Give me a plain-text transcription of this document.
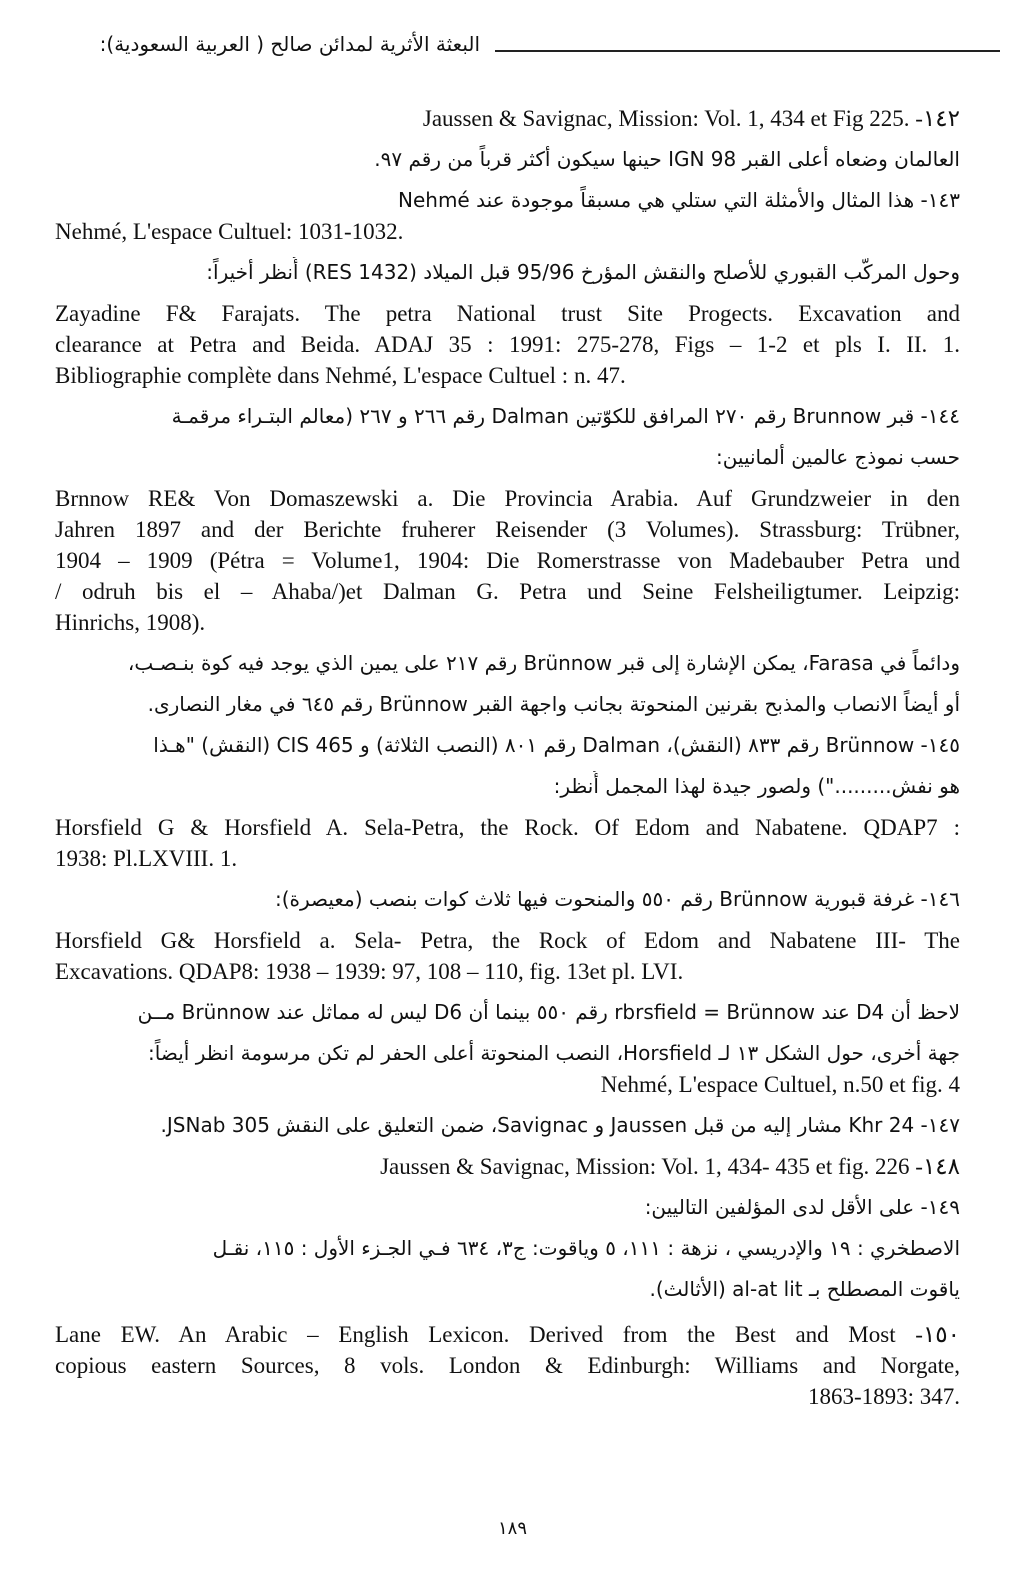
البعثة الأثرية لمدائن صالح ( العربية السعودية):

Jaussen & Savignac, Mission: Vol. 1, 434 et Fig 225. -١٤٢

العالمان وضعاه أعلى القبر IGN 98 حينها سيكون أكثر قرباً من رقم ٩٧.

١٤٣- هذا المثال والأمثلة التي ستلي هي مسبقاً موجودة عند Nehmé

Nehmé, L'espace Cultuel: 1031-1032.

وحول المركّب القبوري للأصلح والنقش المؤرخ 95/96 قبل الميلاد (RES 1432) أُنظر أخيراً:

Zayadine F& Farajats. The petra National trust Site Progects. Excavation and

clearance at Petra and Beida. ADAJ 35 : 1991: 275-278, Figs – 1-2 et pls I. II. 1.

Bibliographie complète dans Nehmé, L'espace Cultuel : n. 47.

١٤٤- قبر Brunnow رقم ٢٧٠ المرافق للكوّتين Dalman رقم ٢٦٦ و ٢٦٧ (معالم البتـراء مرقمـة

حسب نموذج عالمين ألمانيين:

Brnnow RE& Von Domaszewski a. Die Provincia Arabia. Auf Grundzweier in den

Jahren 1897 and der Berichte fruherer Reisender (3 Volumes). Strassburg: Trübner,

1904 – 1909 (Pétra = Volume1, 1904: Die Romerstrasse von Madebauber Petra und

/ odruh bis el – Ahaba/)et Dalman G. Petra und Seine Felsheiligtumer. Leipzig:

Hinrichs, 1908).

ودائماً في Farasa، يمكن الإشارة إلى قبر Brünnow رقم ٢١٧ على يمين الذي يوجد فيه كوة بنـصـب،

أو أيضاً الانصاب والمذبح بقرنين المنحوتة بجانب واجهة القبر Brünnow رقم ٦٤٥ في مغار النصارى.

١٤٥- Brünnow رقم ٨٣٣ (النقش)، Dalman رقم ٨٠١ (النصب الثلاثة) و CIS 465 (النقش) "هـذا

هو نفش.........") ولصور جيدة لهذا المجمل أُنظر:

Horsfield G & Horsfield A. Sela-Petra, the Rock. Of Edom and Nabatene. QDAP7 :

1938: Pl.LXVIII. 1.

١٤٦- غرفة قبورية Brünnow رقم ٥٥٠ والمنحوت فيها ثلاث كوات بنصب (معيصرة):

Horsfield G& Horsfield a. Sela- Petra, the Rock of Edom and Nabatene III- The

Excavations. QDAP8: 1938 – 1939: 97, 108 – 110, fig. 13et pl. LVI.

لاحظ أن D4 عند rbrsfield = Brünnow رقم ٥٥٠ بينما أن D6 ليس له مماثل عند Brünnow مــن

جهة أخرى، حول الشكل ١٣ لـ Horsfield، النصب المنحوتة أعلى الحفر لم تكن مرسومة انظر أيضاً:

Nehmé, L'espace Cultuel, n.50 et fig. 4

١٤٧- Khr 24 مشار إليه من قبل Jaussen و Savignac، ضمن التعليق على النقش JSNab 305.

Jaussen & Savignac, Mission: Vol. 1, 434- 435 et fig. 226 -١٤٨

١٤٩- على الأقل لدى المؤلفين التاليين:

الاصطخري : ١٩ والإدريسي ، نزهة : ١١١، ٥ وياقوت: ج٣، ٦٣٤ فـي الجـزء الأول : ١١٥، نقـل

ياقوت المصطلح بـ al-at lit (الأثالث).

Lane EW. An Arabic – English Lexicon. Derived from the Best and Most -١٥٠

copious eastern Sources, 8 vols. London & Edinburgh: Williams and Norgate,

1863-1893: 347.

١٨٩
